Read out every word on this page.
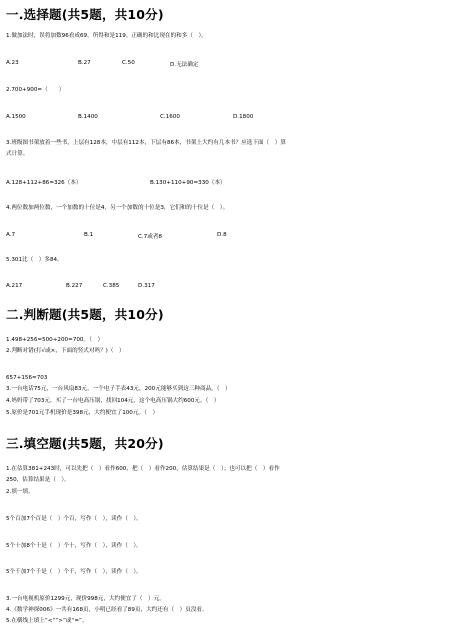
一.选择题(共5题，共10分)
1.做加法时，误将加数96看成69，所得和是119。正确的和比现在的和多（　）。
A.23	B.27	C.50	D.无法确定
2.700+900=（　　）
A.1500	B.1400	C.1600	D.1800
3.班级图书架放着一些书，上层有128本，中层有112本，下层有86本，书架上大约有几本书？应选下面（　）算
式计算。
A.128+112+86=326（本）	B.130+110+90=330（本）
4.两位数加两位数，一个加数的十位是4，另一个加数的十位是3，它们和的十位是（　）。
A.7	B.1	C.7或者8	D.8
5.301比（　）多84。
A.217	B.227	C.385	D.317
二.判断题(共5题，共10分)
1.498+256=500+200=700。（　）
2.判断对错(打√或×，下面的竖式对吗？)（　）
657+156=703
3.一台电话75元，一台风扇83元，一个电子手表43元，200元能够买到这三种商品。（　）
4.妈妈带了703元，买了一台电高压锅，找回104元，这个电高压锅大约600元。（　）
5.原价是701元手机现价是398元，大约便宜了100元。（　）
三.填空题(共5题，共20分)
1.在估算381+243时，可以先把（　）看作600，把（　）看作200，估算结果是（　）；也可以把（　）看作
250，估算结果是（　）。
2.填一填。
5个百加7个百是（　）个百，写作（　），读作（　）。
5个十加8个十是（　）个十，写作（　），读作（　）。
5个千加7个千是（　）个千，写作（　），读作（　）。
3.一台电视机原价1299元，现价998元，大约便宜了（　）元。
4.《数学神探006》一共有168页，小明已经看了89页，大约还有（　）页没看。
5.在横线上填上“<”“>”或“=”。
